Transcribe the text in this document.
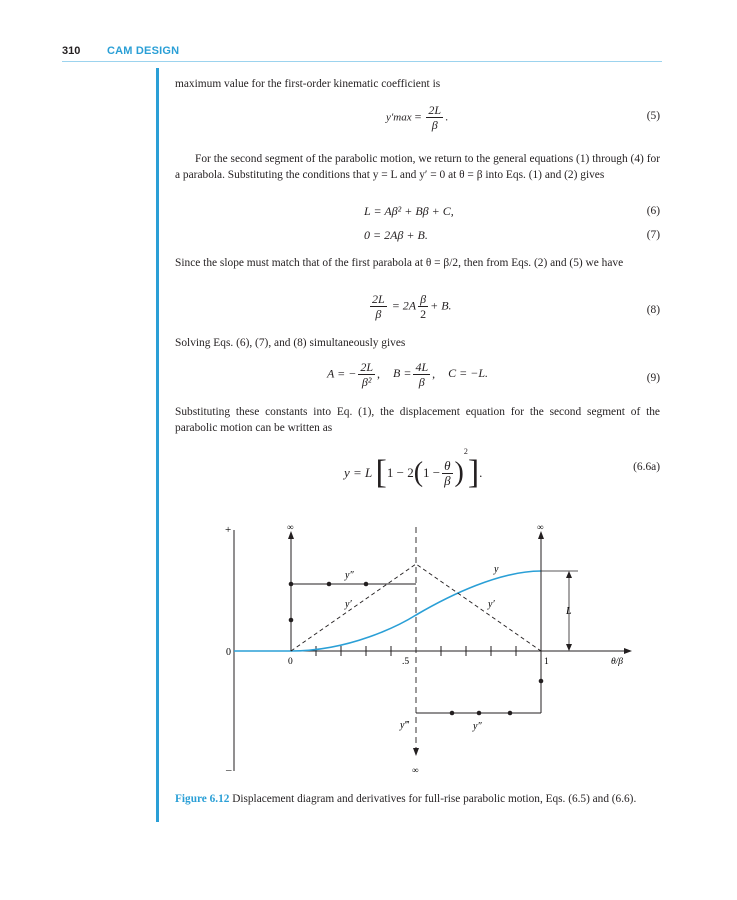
310 CAM DESIGN
maximum value for the first-order kinematic coefficient is
$y'\max = \frac{2L}{\beta}$ .	(5)
For the second segment of the parabolic motion, we return to the general equations (1) through (4) for a parabola. Substituting the conditions that y = L and y′ = 0 at θ = β into Eqs. (1) and (2) gives
L = Aβ² + Bβ + C,	(6)
0 = 2Aβ + B.	(7)
Since the slope must match that of the first parabola at θ = β/2, then from Eqs. (2) and (5) we have
$\frac{2L}{\beta} = 2A \frac{\beta}{2} + B$.	(8)
Solving Eqs. (6), (7), and (8) simultaneously gives
A = − $\frac{2L}{\text{β²}}$ , $B = \frac{4L}{\beta}$ , C = −L.	(9)
Substituting these constants into Eq. (1), the displacement equation for the second segment of the parabolic motion can be written as
y = L $[1 - 2(1 - \frac{\theta}{\beta} )^2]$.	(6.6a)
+
0
–
0	.5	1	θ/β
L
∞	∞
∞
y
y″
y′	y′
y‴	y″
Figure 6.12 Displacement diagram and derivatives for full-rise parabolic motion, Eqs. (6.5) and (6.6).
